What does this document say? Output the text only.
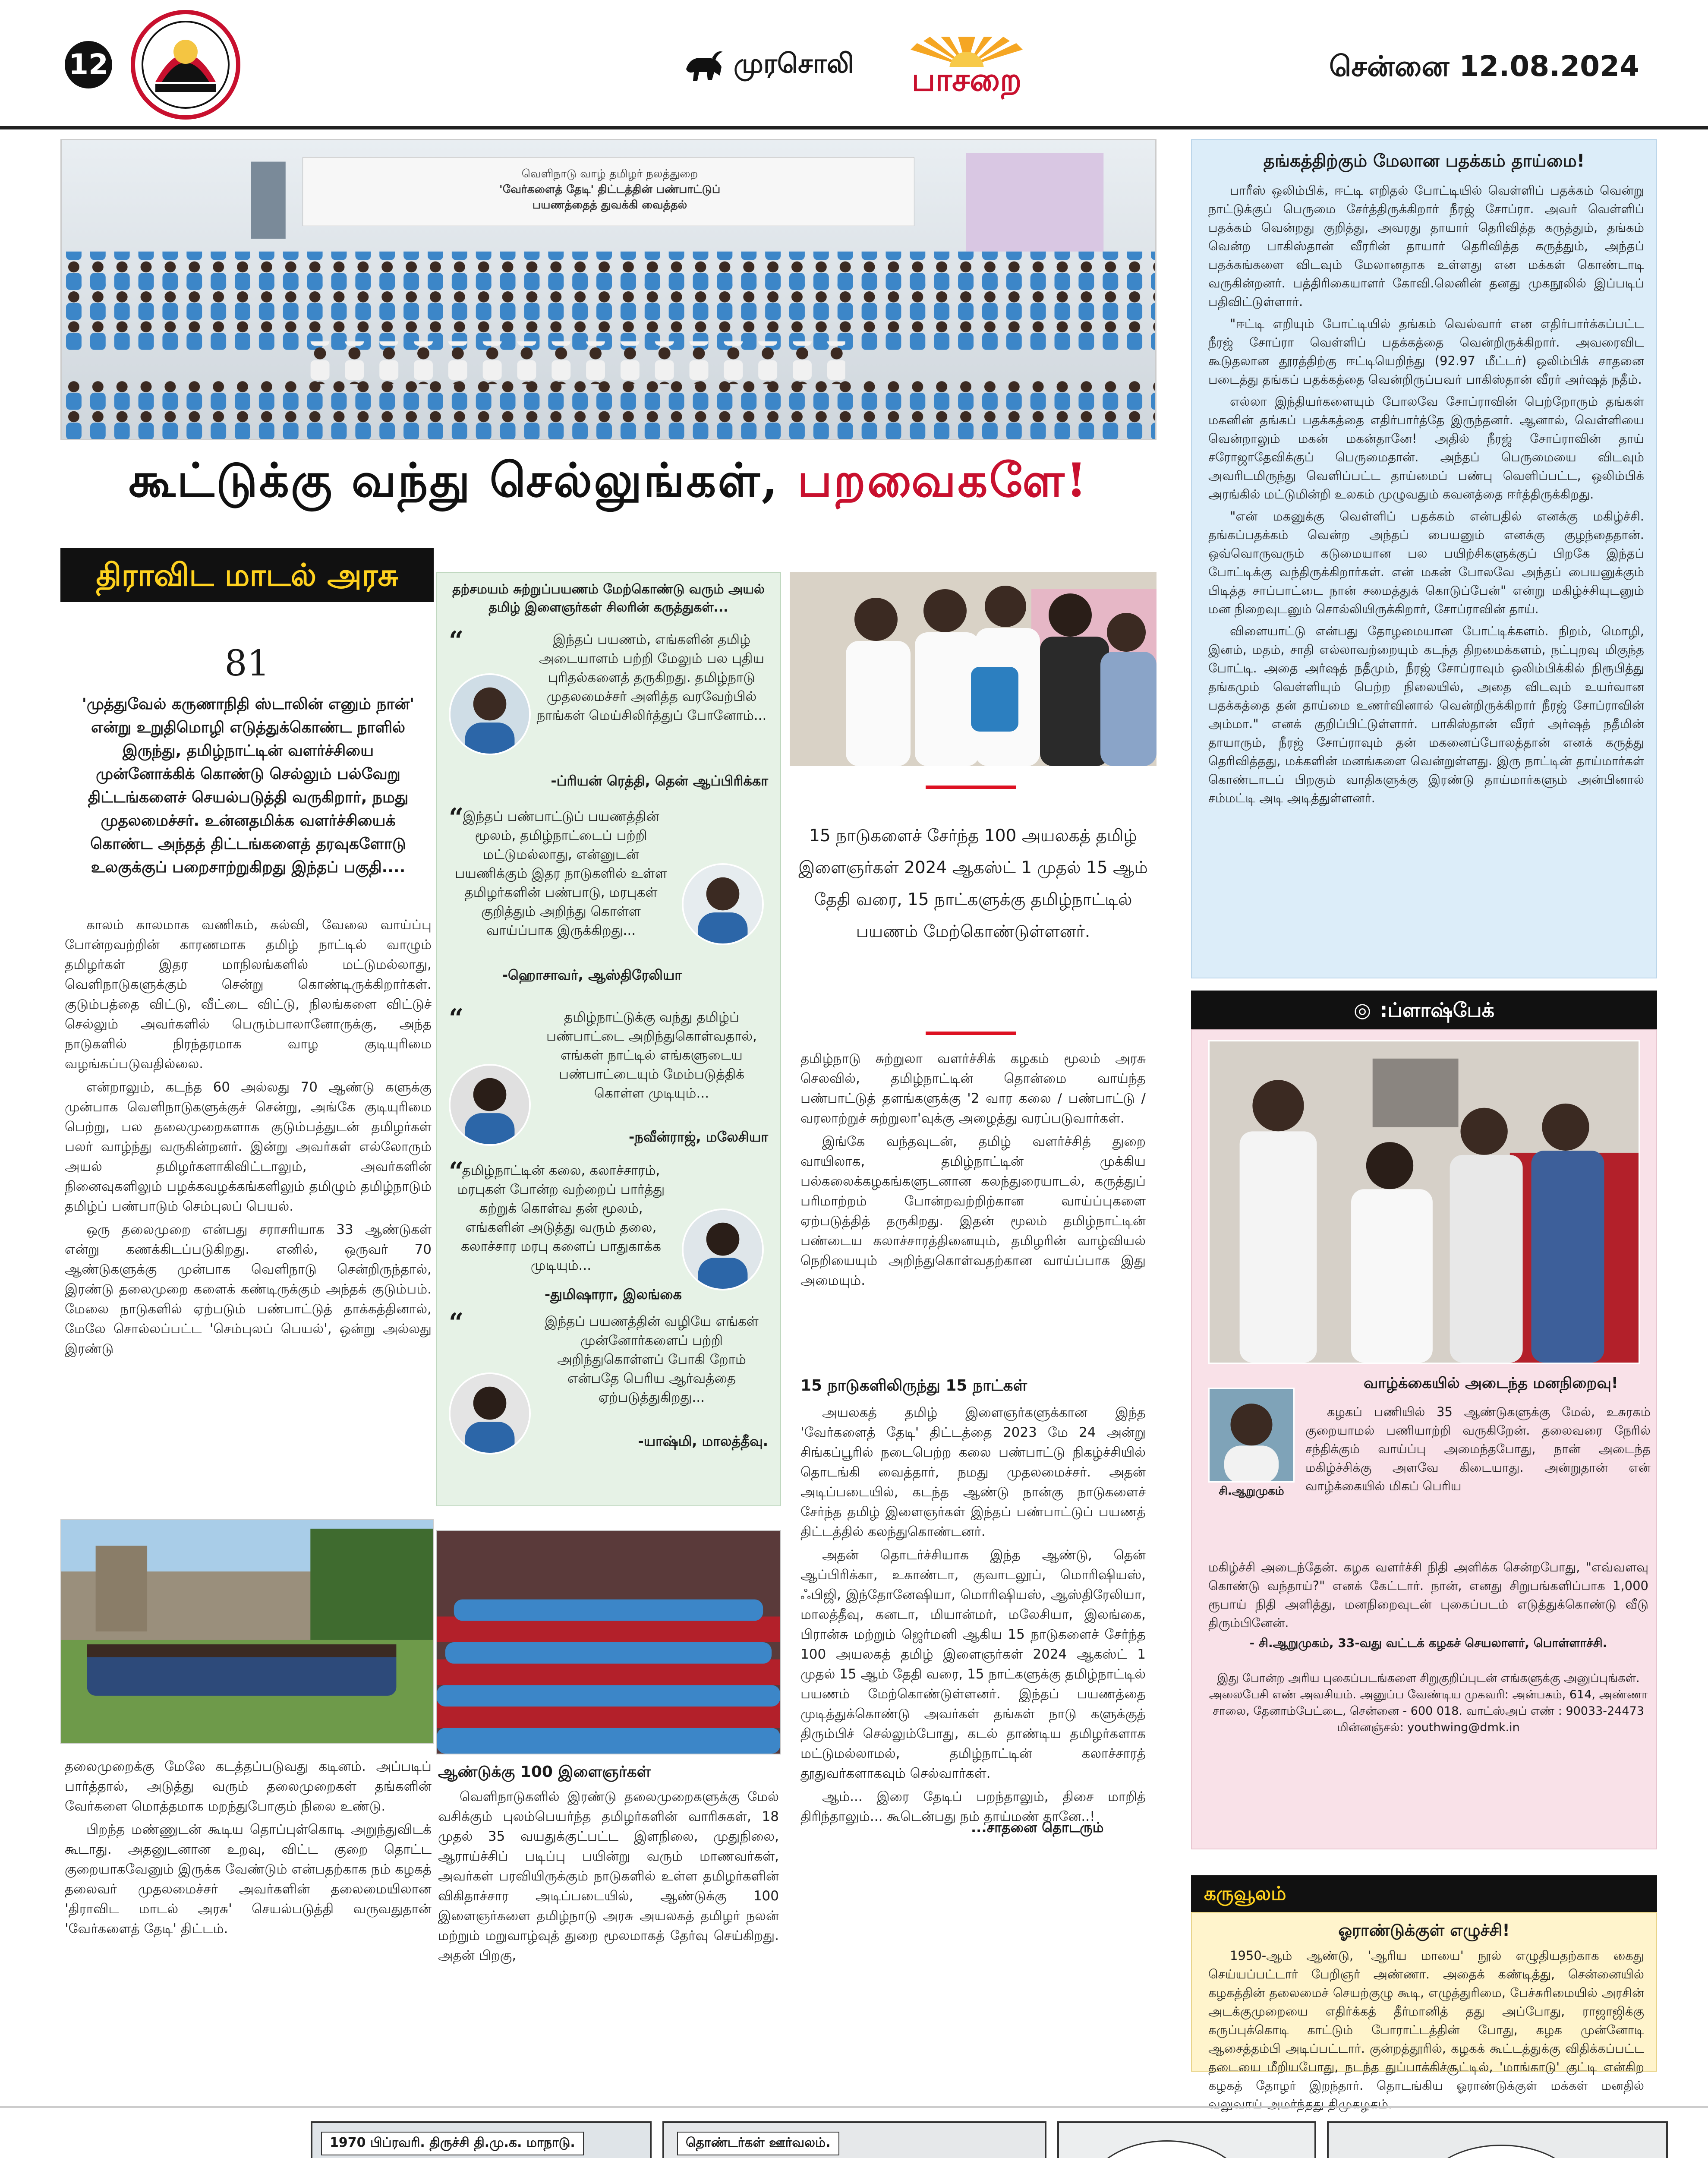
12	முரசொலி	பாசறை	சென்னை 12.08.2024
வெளிநாடு வாழ் தமிழர் நலத்துறை
'வேர்களைத் தேடி' திட்டத்தின் பண்பாட்டுப்
பயணத்தைத் துவக்கி வைத்தல்
கூட்டுக்கு வந்து செல்லுங்கள், பறவைகளே!
திராவிட மாடல் அரசு
81
'முத்துவேல் கருணாநிதி ஸ்டாலின் எனும் நான்' என்று உறுதிமொழி எடுத்துக்கொண்ட நாளில் இருந்து, தமிழ்நாட்டின் வளர்ச்சியை முன்னோக்கிக் கொண்டு செல்லும் பல்வேறு திட்டங்களைச் செயல்படுத்தி வருகிறார், நமது முதலமைச்சர். உன்னதமிக்க வளர்ச்சியைக் கொண்ட அந்தத் திட்டங்களைத் தரவுகளோடு உலகுக்குப் பறைசாற்றுகிறது இந்தப் பகுதி....

காலம் காலமாக வணிகம், கல்வி, வேலை வாய்ப்பு போன்றவற்றின் காரணமாக தமிழ் நாட்டில் வாழும் தமிழர்கள் இதர மாநிலங்களில் மட்டுமல்லாது, வெளிநாடுகளுக்கும் சென்று கொண்டிருக்கிறார்கள். குடும்பத்தை விட்டு, வீட்டை விட்டு, நிலங்களை விட்டுச் செல்லும் அவர்களில் பெரும்பாலானோருக்கு, அந்த நாடுகளில் நிரந்தரமாக வாழ குடியுரிமை வழங்கப்படுவதில்லை.

என்றாலும், கடந்த 60 அல்லது 70 ஆண்டு களுக்கு முன்பாக வெளிநாடுகளுக்குச் சென்று, அங்கே குடியுரிமை பெற்று, பல தலைமுறைகளாக குடும்பத்துடன் தமிழர்கள் பலர் வாழ்ந்து வருகின்றனர். இன்று அவர்கள் எல்லோரும் அயல் தமிழர்களாகிவிட்டாலும், அவர்களின் நினைவுகளிலும் பழக்கவழக்கங்களிலும் தமிழும் தமிழ்நாடும் தமிழ்ப் பண்பாடும் செம்புலப் பெயல்.

ஒரு தலைமுறை என்பது சராசரியாக 33 ஆண்டுகள் என்று கணக்கிடப்படுகிறது. எனில், ஒருவர் 70 ஆண்டுகளுக்கு முன்பாக வெளிநாடு சென்றிருந்தால், இரண்டு தலைமுறை களைக் கண்டிருக்கும் அந்தக் குடும்பம். மேலை நாடுகளில் ஏற்படும் பண்பாட்டுத் தாக்கத்தினால், மேலே சொல்லப்பட்ட 'செம்புலப் பெயல்', ஒன்று அல்லது இரண்டு

தலைமுறைக்கு மேலே கடத்தப்படுவது கடினம். அப்படிப் பார்த்தால், அடுத்து வரும் தலைமுறைகள் தங்களின் வேர்களை மொத்தமாக மறந்துபோகும் நிலை உண்டு.

பிறந்த மண்ணுடன் கூடிய தொப்புள்கொடி அறுந்துவிடக் கூடாது. அதனுடனான உறவு, விட்ட குறை தொட்ட குறையாகவேனும் இருக்க வேண்டும் என்பதற்காக நம் கழகத் தலைவர் முதலமைச்சர் அவர்களின் தலைமையிலான 'திராவிட மாடல் அரசு' செயல்படுத்தி வருவதுதான் 'வேர்களைத் தேடி' திட்டம்.

தற்சமயம் சுற்றுப்பயணம் மேற்கொண்டு வரும் அயல் தமிழ் இளைஞர்கள் சிலரின் கருத்துகள்...
“	இந்தப் பயணம், எங்களின் தமிழ் அடையாளம் பற்றி மேலும் பல புதிய புரிதல்களைத் தருகிறது. தமிழ்நாடு முதலமைச்சர் அளித்த வரவேற்பில் நாங்கள் மெய்சிலிர்த்துப் போனோம்...
-ப்ரியன் ரெத்தி, தென் ஆப்பிரிக்கா
“
இந்தப் பண்பாட்டுப் பயணத்தின் மூலம், தமிழ்நாட்டைப் பற்றி மட்டுமல்லாது, என்னுடன் பயணிக்கும் இதர நாடுகளில் உள்ள தமிழர்களின் பண்பாடு, மரபுகள் குறித்தும் அறிந்து கொள்ள வாய்ப்பாக இருக்கிறது...
-ஹொசாவர், ஆஸ்திரேலியா
“	தமிழ்நாட்டுக்கு வந்து தமிழ்ப் பண்பாட்டை அறிந்துகொள்வதால், எங்கள் நாட்டில் எங்களுடைய பண்பாட்டையும் மேம்படுத்திக் கொள்ள முடியும்...
-நவீன்ராஜ், மலேசியா
“
தமிழ்நாட்டின் கலை, கலாச்சாரம், மரபுகள் போன்ற வற்றைப் பார்த்து கற்றுக் கொள்வ தன் மூலம், எங்களின் அடுத்து வரும் தலை, கலாச்சார மரபு களைப் பாதுகாக்க முடியும்...
-துமிஷாரா, இலங்கை
“	இந்தப் பயணத்தின் வழியே எங்கள் முன்னோர்களைப் பற்றி அறிந்துகொள்ளப் போகி றோம் என்பதே பெரிய ஆர்வத்தை ஏற்படுத்துகிறது...
-யாஷ்மி, மாலத்தீவு.
ஆண்டுக்கு 100 இளைஞர்கள்

வெளிநாடுகளில் இரண்டு தலைமுறைகளுக்கு மேல் வசிக்கும் புலம்பெயர்ந்த தமிழர்களின் வாரிசுகள், 18 முதல் 35 வயதுக்குட்பட்ட இளநிலை, முதுநிலை, ஆராய்ச்சிப் படிப்பு பயின்று வரும் மாணவர்கள், அவர்கள் பரவியிருக்கும் நாடுகளில் உள்ள தமிழர்களின் விகிதாச்சார அடிப்படையில், ஆண்டுக்கு 100 இளைஞர்களை தமிழ்நாடு அரசு அயலகத் தமிழர் நலன் மற்றும் மறுவாழ்வுத் துறை மூலமாகத் தேர்வு செய்கிறது. அதன் பிறகு,

15 நாடுகளைச் சேர்ந்த 100 அயலகத் தமிழ் இளைஞர்கள் 2024 ஆகஸ்ட் 1 முதல் 15 ஆம் தேதி வரை, 15 நாட்களுக்கு தமிழ்நாட்டில் பயணம் மேற்கொண்டுள்ளனர்.

தமிழ்நாடு சுற்றுலா வளர்ச்சிக் கழகம் மூலம் அரசு செலவில், தமிழ்நாட்டின் தொன்மை வாய்ந்த பண்பாட்டுத் தளங்களுக்கு '2 வார கலை / பண்பாட்டு / வரலாற்றுச் சுற்றுலா'வுக்கு அழைத்து வரப்படுவார்கள்.

இங்கே வந்தவுடன், தமிழ் வளர்ச்சித் துறை வாயிலாக, தமிழ்நாட்டின் முக்கிய பல்கலைக்கழகங்களுடனான கலந்துரையாடல், கருத்துப் பரிமாற்றம் போன்றவற்றிற்கான வாய்ப்புகளை ஏற்படுத்தித் தருகிறது. இதன் மூலம் தமிழ்நாட்டின் பண்டைய கலாச்சாரத்தினையும், தமிழரின் வாழ்வியல் நெறியையும் அறிந்துகொள்வதற்கான வாய்ப்பாக இது அமையும்.

15 நாடுகளிலிருந்து 15 நாட்கள்

அயலகத் தமிழ் இளைஞர்களுக்கான இந்த 'வேர்களைத் தேடி' திட்டத்தை 2023 மே 24 அன்று சிங்கப்பூரில் நடைபெற்ற கலை பண்பாட்டு நிகழ்ச்சியில் தொடங்கி வைத்தார், நமது முதலமைச்சர். அதன் அடிப்படையில், கடந்த ஆண்டு நான்கு நாடுகளைச் சேர்ந்த தமிழ் இளைஞர்கள் இந்தப் பண்பாட்டுப் பயணத் திட்டத்தில் கலந்துகொண்டனர்.

அதன் தொடர்ச்சியாக இந்த ஆண்டு, தென் ஆப்பிரிக்கா, உகாண்டா, குவாடலூப், மொரிஷியஸ், ஃபிஜி, இந்தோனேஷியா, மொரிஷியஸ், ஆஸ்திரேலியா, மாலத்தீவு, கனடா, மியான்மர், மலேசியா, இலங்கை, பிரான்சு மற்றும் ஜெர்மனி ஆகிய 15 நாடுகளைச் சேர்ந்த 100 அயலகத் தமிழ் இளைஞர்கள் 2024 ஆகஸ்ட் 1 முதல் 15 ஆம் தேதி வரை, 15 நாட்களுக்கு தமிழ்நாட்டில் பயணம் மேற்கொண்டுள்ளனர். இந்தப் பயணத்தை முடித்துக்கொண்டு அவர்கள் தங்கள் நாடு களுக்குத் திரும்பிச் செல்லும்போது, கடல் தாண்டிய தமிழர்களாக மட்டுமல்லாமல், தமிழ்நாட்டின் கலாச்சாரத் தூதுவர்களாகவும் செல்வார்கள்.

ஆம்... இரை தேடிப் பறந்தாலும், திசை மாறித் திரிந்தாலும்... கூடென்பது நம் தாய்மண் தானே..!

...சாதனை தொடரும்
தங்கத்திற்கும் மேலான பதக்கம் தாய்மை!

பாரீஸ் ஒலிம்பிக், ஈட்டி எறிதல் போட்டியில் வெள்ளிப் பதக்கம் வென்று நாட்டுக்குப் பெருமை சேர்த்திருக்கிறார் நீரஜ் சோப்ரா. அவர் வெள்ளிப் பதக்கம் வென்றது குறித்து, அவரது தாயார் தெரிவித்த கருத்தும், தங்கம் வென்ற பாகிஸ்தான் வீரரின் தாயார் தெரிவித்த கருத்தும், அந்தப் பதக்கங்களை விடவும் மேலானதாக உள்ளது என மக்கள் கொண்டாடி வருகின்றனர். பத்திரிகையாளர் கோவி.லெனின் தனது முகநூலில் இப்படிப் பதிவிட்டுள்ளார்.

"ஈட்டி எறியும் போட்டியில் தங்கம் வெல்வார் என எதிர்பார்க்கப்பட்ட நீரஜ் சோப்ரா வெள்ளிப் பதக்கத்தை வென்றிருக்கிறார். அவரைவிட கூடுதலான தூரத்திற்கு ஈட்டியெறிந்து (92.97 மீட்டர்) ஒலிம்பிக் சாதனை படைத்து தங்கப் பதக்கத்தை வென்றிருப்பவர் பாகிஸ்தான் வீரர் அர்ஷத் நதீம்.

எல்லா இந்தியர்களையும் போலவே சோப்ராவின் பெற்றோரும் தங்கள் மகனின் தங்கப் பதக்கத்தை எதிர்பார்த்தே இருந்தனர். ஆனால், வெள்ளியை வென்றாலும் மகன் மகன்தானே! அதில் நீரஜ் சோப்ராவின் தாய் சரோஜாதேவிக்குப் பெருமைதான். அந்தப் பெருமையை விடவும் அவரிடமிருந்து வெளிப்பட்ட தாய்மைப் பண்பு வெளிப்பட்ட, ஒலிம்பிக் அரங்கில் மட்டுமின்றி உலகம் முழுவதும் கவனத்தை ஈர்த்திருக்கிறது.

"என் மகனுக்கு வெள்ளிப் பதக்கம் என்பதில் எனக்கு மகிழ்ச்சி. தங்கப்பதக்கம் வென்ற அந்தப் பையனும் எனக்கு குழந்தைதான். ஒவ்வொருவரும் கடுமையான பல பயிற்சிகளுக்குப் பிறகே இந்தப் போட்டிக்கு வந்திருக்கிறார்கள். என் மகன் போலவே அந்தப் பையனுக்கும் பிடித்த சாப்பாட்டை நான் சமைத்துக் கொடுப்பேன்" என்று மகிழ்ச்சியுடனும் மன நிறைவுடனும் சொல்லியிருக்கிறார், சோப்ராவின் தாய்.

விளையாட்டு என்பது தோழமையான போட்டிக்களம். நிறம், மொழி, இனம், மதம், சாதி எல்லாவற்றையும் கடந்த திறமைக்களம், நட்புறவு மிகுந்த போட்டி. அதை அர்ஷத் நதீமும், நீரஜ் சோப்ராவும் ஒலிம்பிக்கில் நிரூபித்து தங்கமும் வெள்ளியும் பெற்ற நிலையில், அதை விடவும் உயர்வான பதக்கத்தை தன் தாய்மை உணர்வினால் வென்றிருக்கிறார் நீரஜ் சோப்ராவின் அம்மா." எனக் குறிப்பிட்டுள்ளார். பாகிஸ்தான் வீரர் அர்ஷத் நதீமின் தாயாரும், நீரஜ் சோப்ராவும் தன் மகனைப்போலத்தான் எனக் கருத்து தெரிவித்தது, மக்களின் மனங்களை வென்றுள்ளது. இரு நாட்டின் தாய்மார்கள் கொண்டாடப் பிறகும் வாதிகளுக்கு இரண்டு தாய்மார்களும் அன்பினால் சம்மட்டி அடி அடித்துள்ளனர்.

◎ :ப்ளாஷ்பேக்
வாழ்க்கையில் அடைந்த மனநிறைவு!
சி.ஆறுமுகம்

கழகப் பணியில் 35 ஆண்டுகளுக்கு மேல், உசுரகம் குறையாமல் பணியாற்றி வருகிறேன். தலைவரை நேரில் சந்திக்கும் வாய்ப்பு அமைந்தபோது, நான் அடைந்த மகிழ்ச்சிக்கு அளவே கிடையாது. அன்றுதான் என் வாழ்க்கையில் மிகப் பெரிய

மகிழ்ச்சி அடைந்தேன். கழக வளர்ச்சி நிதி அளிக்க சென்றபோது, "எவ்வளவு கொண்டு வந்தாய்?" எனக் கேட்டார். நான், எனது சிறுபங்களிப்பாக 1,000 ரூபாய் நிதி அளித்து, மனநிறைவுடன் புகைப்படம் எடுத்துக்கொண்டு வீடு திரும்பினேன்.

- சி.ஆறுமுகம், 33-வது வட்டக் கழகச் செயலாளர், பொள்ளாச்சி.
இது போன்ற அரிய புகைப்படங்களை சிறுகுறிப்புடன் எங்களுக்கு அனுப்புங்கள். அலைபேசி எண் அவசியம். அனுப்ப வேண்டிய முகவரி: அன்பகம், 614, அண்ணா சாலை, தேனாம்பேட்டை, சென்னை - 600 018. வாட்ஸ்அப் எண் : 90033-24473 மின்னஞ்சல்: youthwing@dmk.in
கருவூலம்
ஓராண்டுக்குள் எழுச்சி!

1950-ஆம் ஆண்டு, 'ஆரிய மாயை' நூல் எழுதியதற்காக கைது செய்யப்பட்டார் பேறிஞர் அண்ணா. அதைக் கண்டித்து, சென்னையில் கழகத்தின் தலைமைச் செயற்குழு கூடி, எழுத்துரிமை, பேச்சுரிமையில் அரசின் அடக்குமுறையை எதிர்க்கத் தீர்மானித் தது அப்போது, ராஜாஜிக்கு கருப்புக்கொடி காட்டும் போராட்டத்தின் போது, கழக முன்னோடி ஆசைத்தம்பி அடிப்பட்டார். குன்றத்தூரில், கழகக் கூட்டத்துக்கு விதிக்கப்பட்ட தடையை மீறியபோது, நடந்த துப்பாக்கிச்சூட்டில், 'மாங்காடு' குட்டி என்கிற கழகத் தோழர் இறந்தார். தொடங்கிய ஓராண்டுக்குள் மக்கள் மனதில் வலுவாய் அமர்ந்தது திமுகழகம்.

1970 பிப்ரவரி. திருச்சி தி.மு.க. மாநாடு.	தொண்டர்கள் ஊர்வலம்.
